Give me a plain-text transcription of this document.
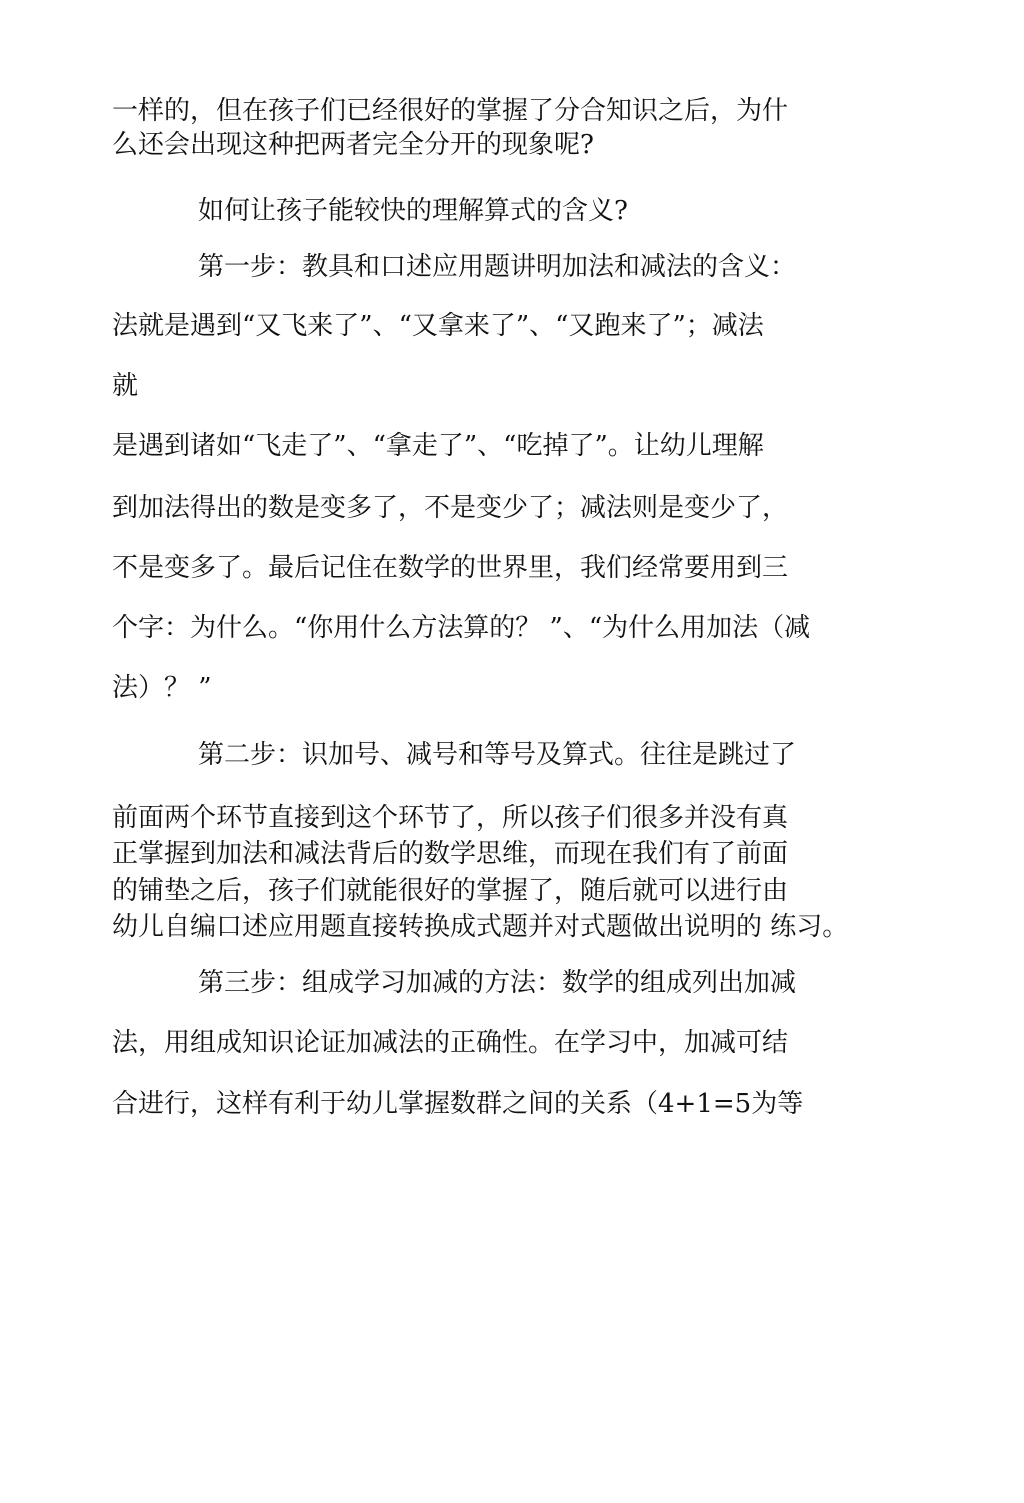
一样的，但在孩子们已经很好的掌握了分合知识之后，为什
么还会出现这种把两者完全分开的现象呢?
如何让孩子能较快的理解算式的含义?
第一步：教具和口述应用题讲明加法和减法的含义：
法就是遇到“又飞来了”、“又拿来了”、“又跑来了”；减法
就
是遇到诸如“飞走了”、“拿走了”、“吃掉了”。让幼儿理解
到加法得出的数是变多了，不是变少了；减法则是变少了，
不是变多了。最后记住在数学的世界里，我们经常要用到三
个字：为什么。“你用什么方法算的？ ”、“为什么用加法（减
法）？ ”
第二步：识加号、减号和等号及算式。往往是跳过了
前面两个环节直接到这个环节了，所以孩子们很多并没有真
正掌握到加法和减法背后的数学思维，而现在我们有了前面
的铺垫之后，孩子们就能很好的掌握了，随后就可以进行由
幼儿自编口述应用题直接转换成式题并对式题做出说明的 练习。
第三步：组成学习加减的方法：数学的组成列出加减
法，用组成知识论证加减法的正确性。在学习中，加减可结
合进行，这样有利于幼儿掌握数群之间的关系（4+1=5为等
